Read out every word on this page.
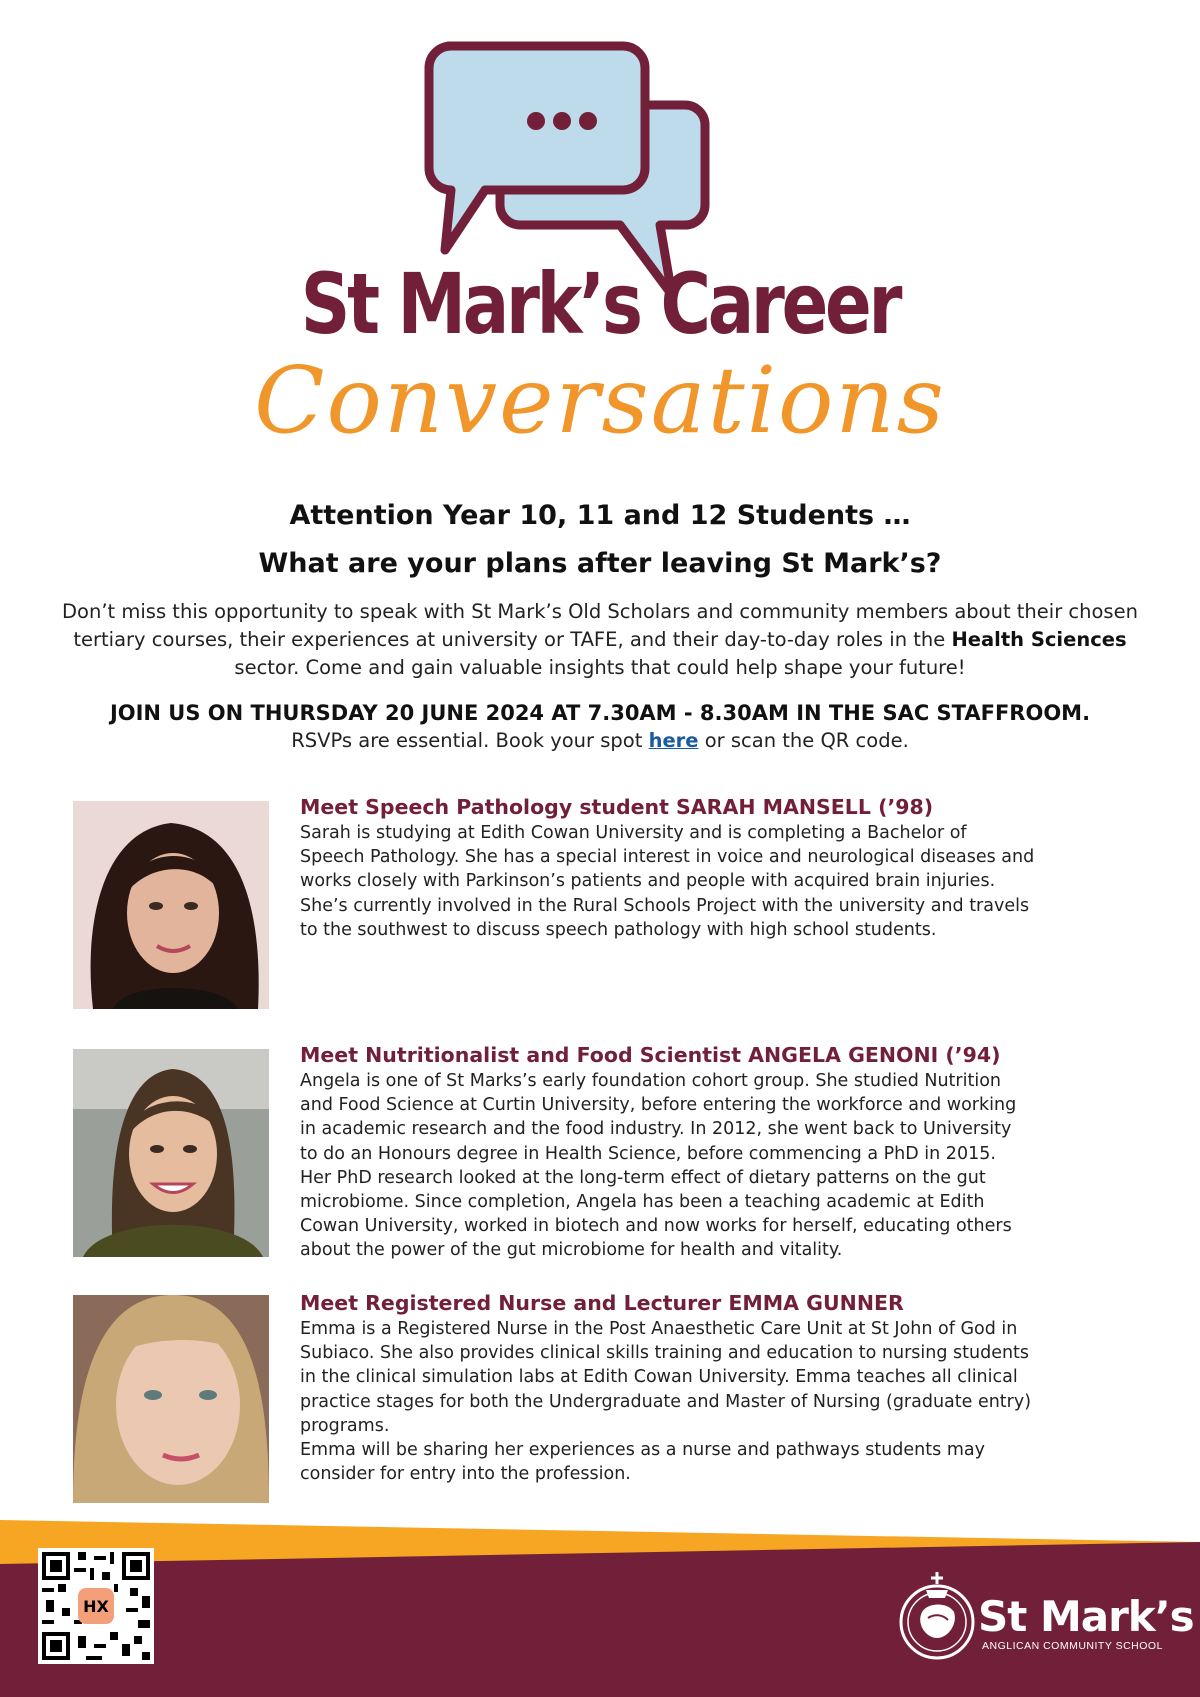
St Mark’s Career
Conversations
Attention Year 10, 11 and 12 Students …
What are your plans after leaving St Mark’s?
Don’t miss this opportunity to speak with St Mark’s Old Scholars and community members about their chosen tertiary courses, their experiences at university or TAFE, and their day-to-day roles in the Health Sciences sector. Come and gain valuable insights that could help shape your future!
JOIN US ON THURSDAY 20 JUNE 2024 AT 7.30AM - 8.30AM IN THE SAC STAFFROOM.
RSVPs are essential. Book your spot here or scan the QR code.
Meet Speech Pathology student SARAH MANSELL (’98)
Sarah is studying at Edith Cowan University and is completing a Bachelor of
Speech Pathology. She has a special interest in voice and neurological diseases and
works closely with Parkinson’s patients and people with acquired brain injuries.
She’s currently involved in the Rural Schools Project with the university and travels
to the southwest to discuss speech pathology with high school students.
Meet Nutritionalist and Food Scientist ANGELA GENONI (’94)
Angela is one of St Marks’s early foundation cohort group. She studied Nutrition
and Food Science at Curtin University, before entering the workforce and working
in academic research and the food industry. In 2012, she went back to University
to do an Honours degree in Health Science, before commencing a PhD in 2015.
Her PhD research looked at the long-term effect of dietary patterns on the gut
microbiome. Since completion, Angela has been a teaching academic at Edith
Cowan University, worked in biotech and now works for herself, educating others
about the power of the gut microbiome for health and vitality.
Meet Registered Nurse and Lecturer EMMA GUNNER
Emma is a Registered Nurse in the Post Anaesthetic Care Unit at St John of God in
Subiaco. She also provides clinical skills training and education to nursing students
in the clinical simulation labs at Edith Cowan University. Emma teaches all clinical
practice stages for both the Undergraduate and Master of Nursing (graduate entry)
programs.
Emma will be sharing her experiences as a nurse and pathways students may
consider for entry into the profession.
HX	St Mark’s
ANGLICAN COMMUNITY SCHOOL
